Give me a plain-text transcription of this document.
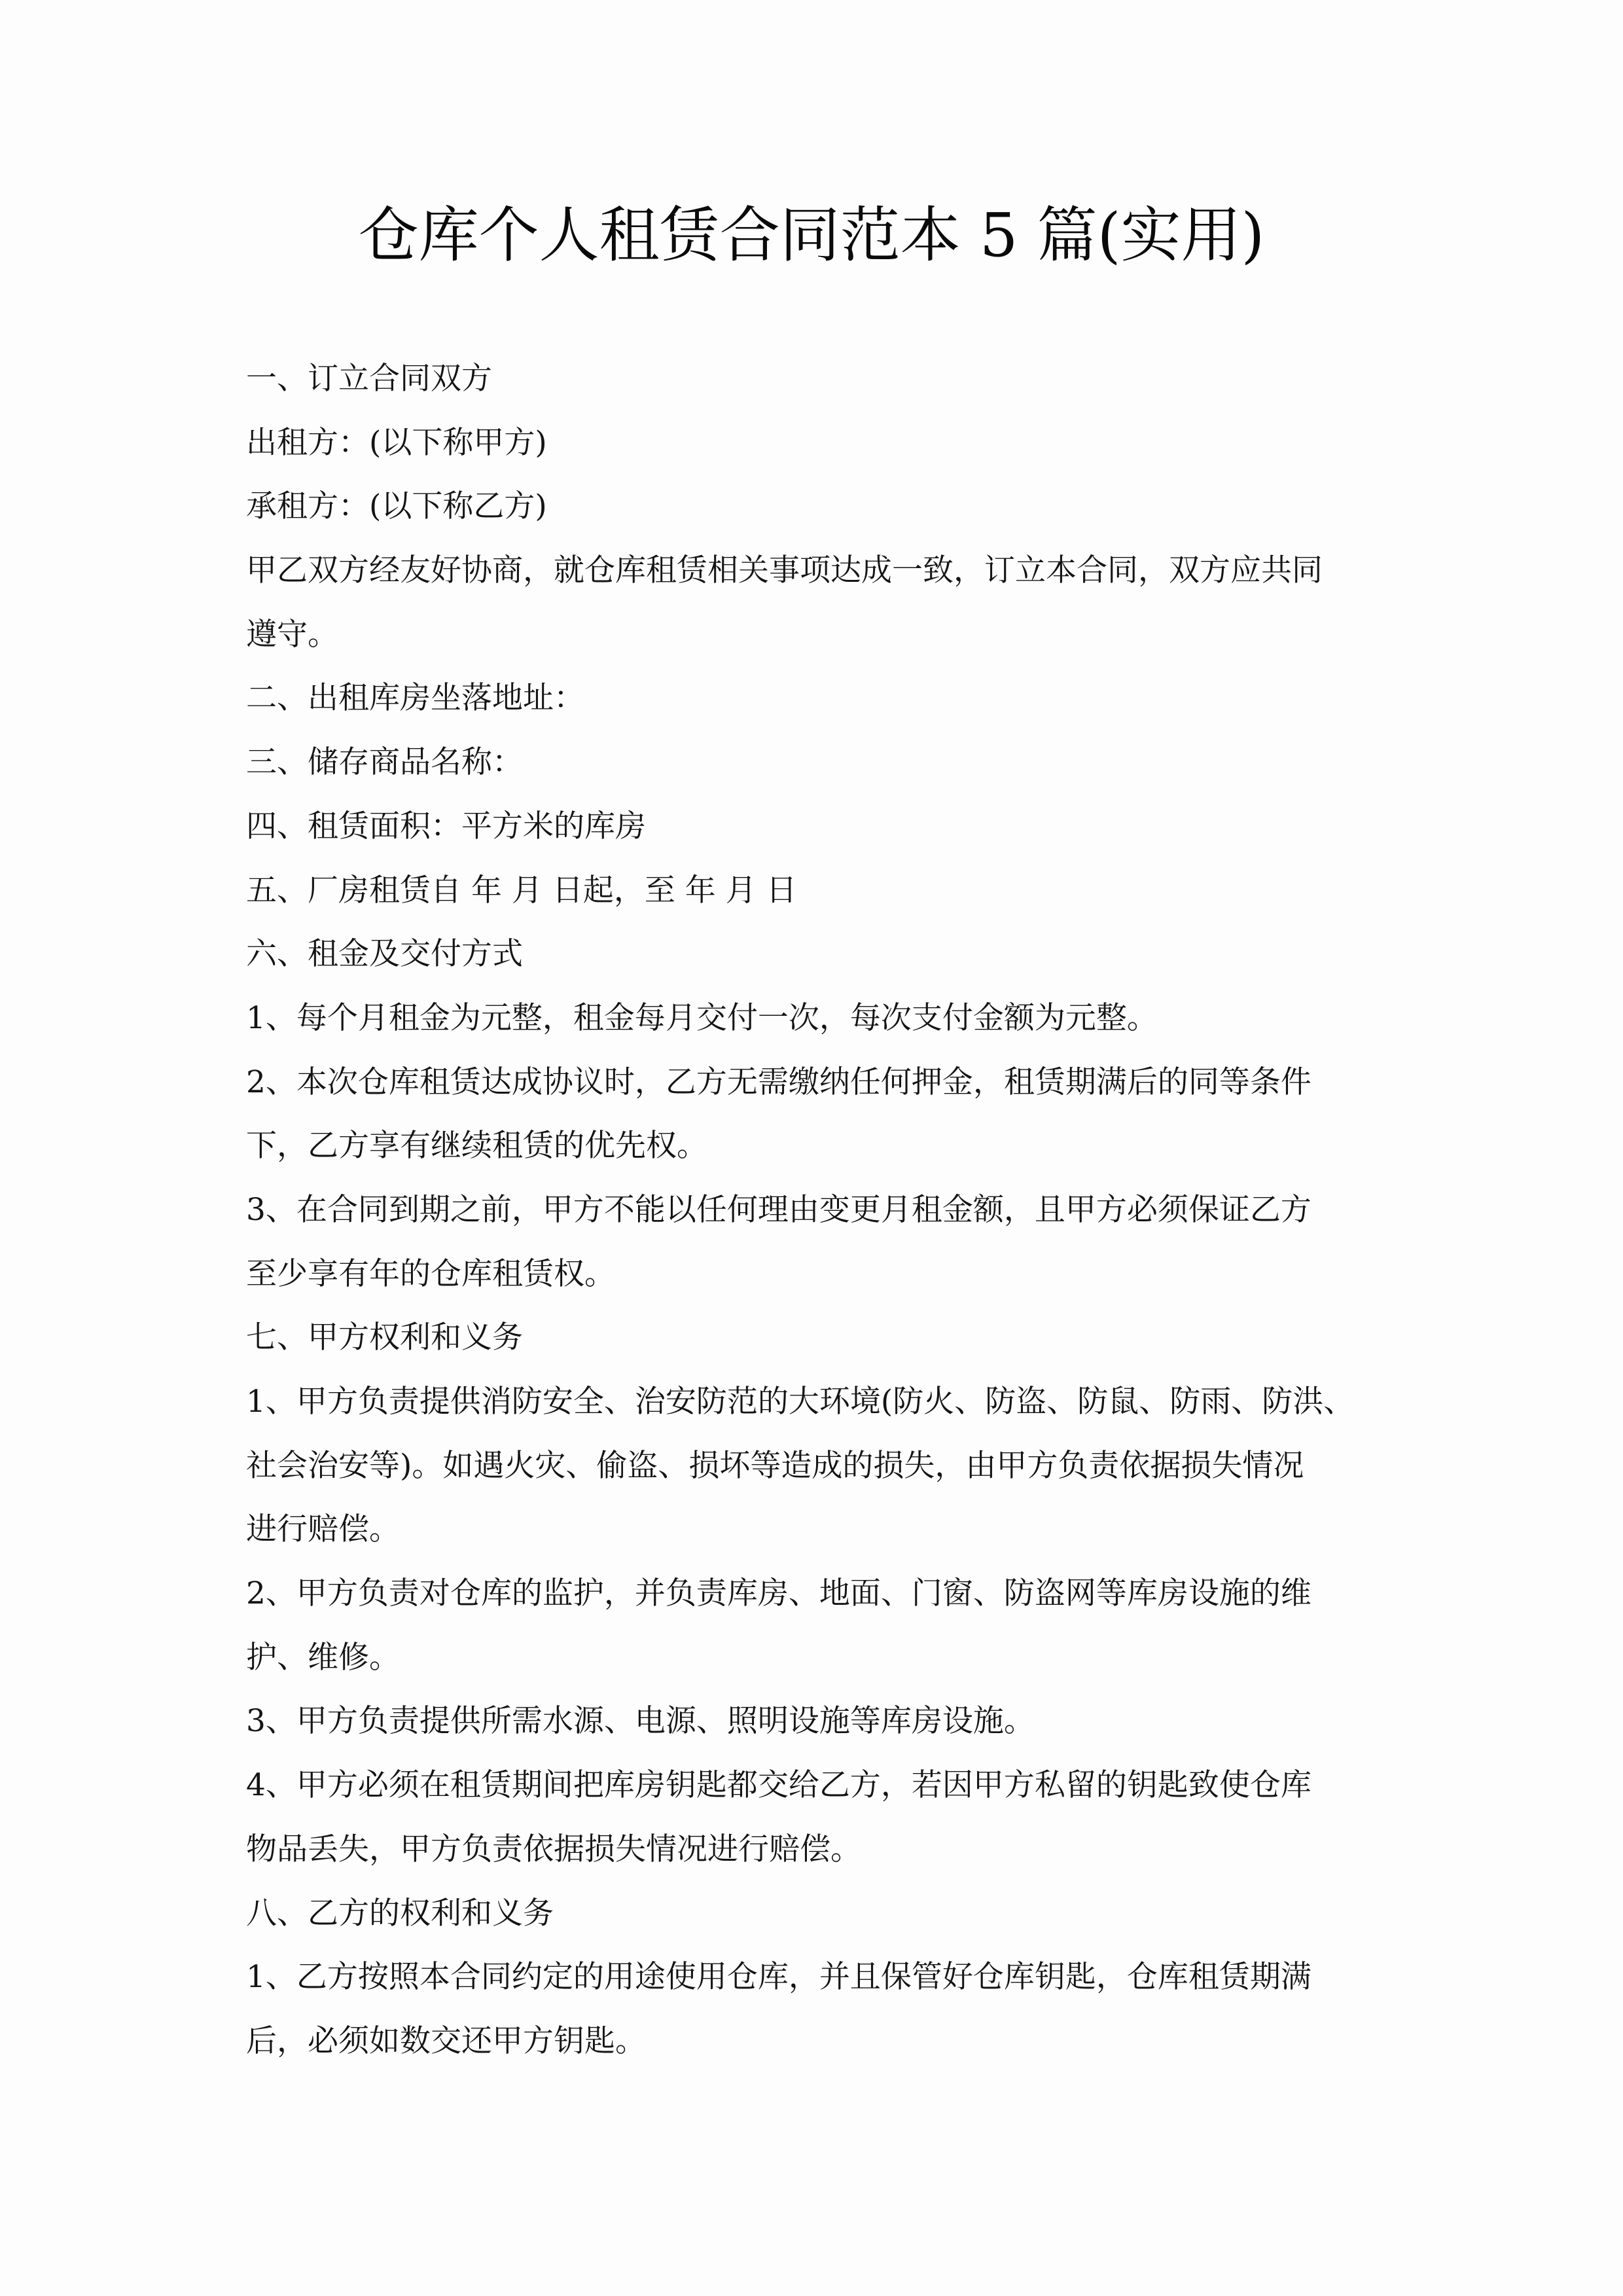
仓库个人租赁合同范本 5 篇(实用)
一、订立合同双方
出租方：(以下称甲方)
承租方：(以下称乙方)
甲乙双方经友好协商，就仓库租赁相关事项达成一致，订立本合同，双方应共同
遵守。
二、出租库房坐落地址：
三、储存商品名称：
四、租赁面积：平方米的库房
五、厂房租赁自 年 月 日起，至 年 月 日
六、租金及交付方式
1、每个月租金为元整，租金每月交付一次，每次支付金额为元整。
2、本次仓库租赁达成协议时，乙方无需缴纳任何押金，租赁期满后的同等条件
下，乙方享有继续租赁的优先权。
3、在合同到期之前，甲方不能以任何理由变更月租金额，且甲方必须保证乙方
至少享有年的仓库租赁权。
七、甲方权利和义务
1、甲方负责提供消防安全、治安防范的大环境(防火、防盗、防鼠、防雨、防洪、
社会治安等)。如遇火灾、偷盗、损坏等造成的损失，由甲方负责依据损失情况
进行赔偿。
2、甲方负责对仓库的监护，并负责库房、地面、门窗、防盗网等库房设施的维
护、维修。
3、甲方负责提供所需水源、电源、照明设施等库房设施。
4、甲方必须在租赁期间把库房钥匙都交给乙方，若因甲方私留的钥匙致使仓库
物品丢失，甲方负责依据损失情况进行赔偿。
八、乙方的权利和义务
1、乙方按照本合同约定的用途使用仓库，并且保管好仓库钥匙，仓库租赁期满
后，必须如数交还甲方钥匙。
